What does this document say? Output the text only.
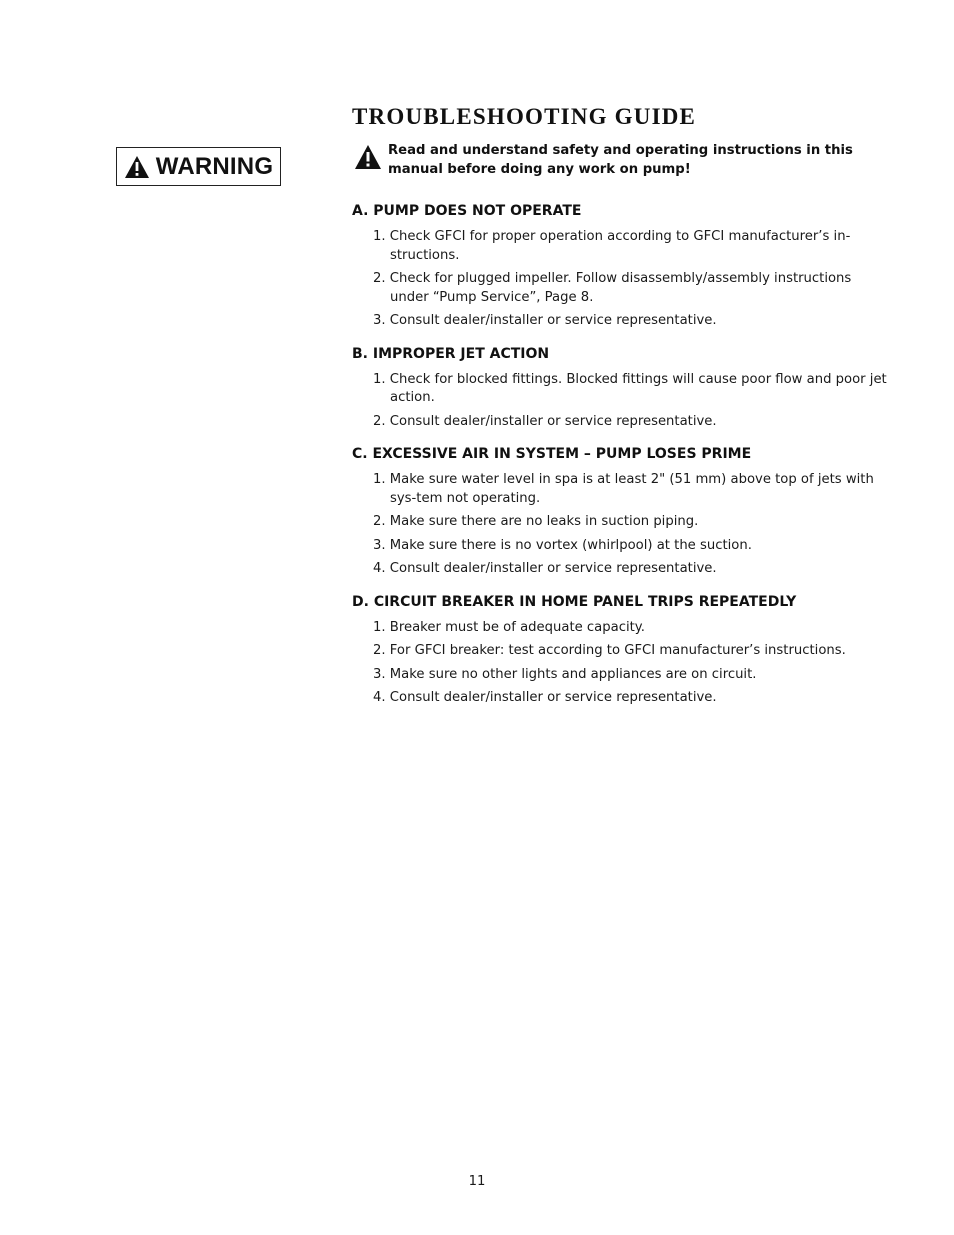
WARNING
TROUBLESHOOTING GUIDE
Read and understand safety and operating instructions in this manual before doing any work on pump!
A. PUMP DOES NOT OPERATE
1. Check GFCI for proper operation according to GFCI manufacturer’s in-structions.
2. Check for plugged impeller. Follow disassembly/assembly instructions under “Pump Service”, Page 8.
3. Consult dealer/installer or service representative.
B. IMPROPER JET ACTION
1. Check for blocked fittings. Blocked fittings will cause poor flow and poor jet action.
2. Consult dealer/installer or service representative.
C. EXCESSIVE AIR IN SYSTEM – PUMP LOSES PRIME
1. Make sure water level in spa is at least 2" (51 mm) above top of jets with sys-tem not operating.
2. Make sure there are no leaks in suction piping.
3. Make sure there is no vortex (whirlpool) at the suction.
4. Consult dealer/installer or service representative.
D. CIRCUIT BREAKER IN HOME PANEL TRIPS REPEATEDLY
1. Breaker must be of adequate capacity.
2. For GFCI breaker: test according to GFCI manufacturer’s instructions.
3. Make sure no other lights and appliances are on circuit.
4. Consult dealer/installer or service representative.
11
